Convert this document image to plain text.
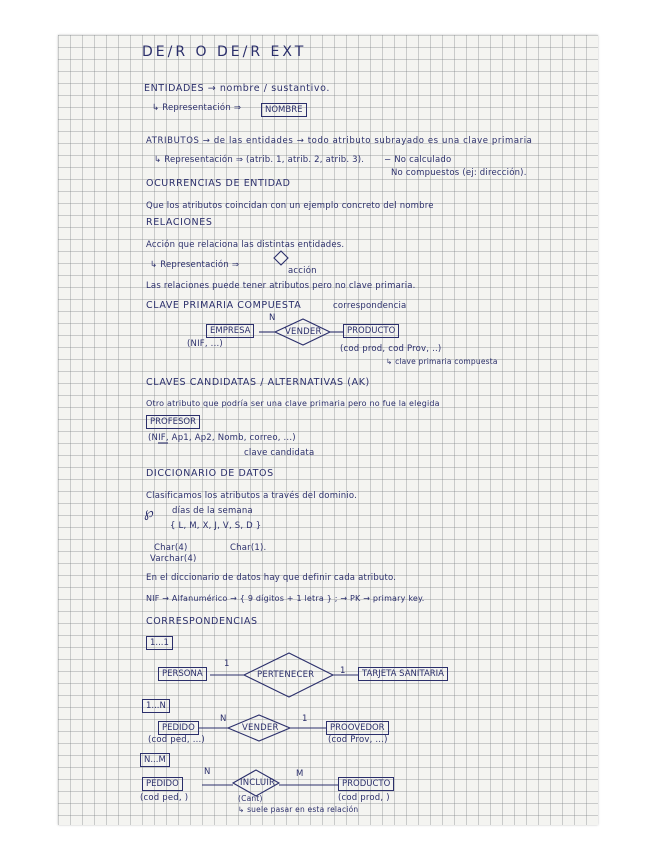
DE/R O DE/R EXT
ENTIDADES → nombre / sustantivo.
↳ Representación ⇒	NOMBRE
ATRIBUTOS → de las entidades → todo atributo subrayado es una clave primaria
↳ Representación ⇒ (atrib. 1, atrib. 2, atrib. 3). − No calculado
No compuestos (ej: dirección).
OCURRENCIAS DE ENTIDAD
Que los atributos coincidan con un ejemplo concreto del nombre
RELACIONES
Acción que relaciona las distintas entidades.
↳ Representación ⇒
acción
Las relaciones puede tener atributos pero no clave primaria.
CLAVE PRIMARIA COMPUESTA	correspondencia
N
EMPRESA	VENDER	PRODUCTO
(NIF, ...)	(cod prod, cod Prov, ..)
↳ clave primaria compuesta
CLAVES CANDIDATAS / ALTERNATIVAS (AK)
Otro atributo que podría ser una clave primaria pero no fue la elegida
PROFESOR
(NIF, Ap1, Ap2, Nomb, correo, ...)
clave candidata
DICCIONARIO DE DATOS
Clasificamos los atributos a través del dominio.
℘ días de la semana
{ L, M, X, J, V, S, D }
Char(4)	Char(1).
Varchar(4)
En el diccionario de datos hay que definir cada atributo.
NIF → Alfanumérico → { 9 dígitos + 1 letra } ; → PK → primary key.
CORRESPONDENCIAS
1...1
1
PERSONA	PERTENECER	1	TARJETA SANITARIA
1...N
N
PEDIDO	VENDER
1
PROOVEDOR
(cod ped, ...)	(cod Prov, ...)
N...M
N
PEDIDO	INCLUIR
M
PRODUCTO
(cod ped, )	(Cant)	(cod prod, )
↳ suele pasar en esta relación
